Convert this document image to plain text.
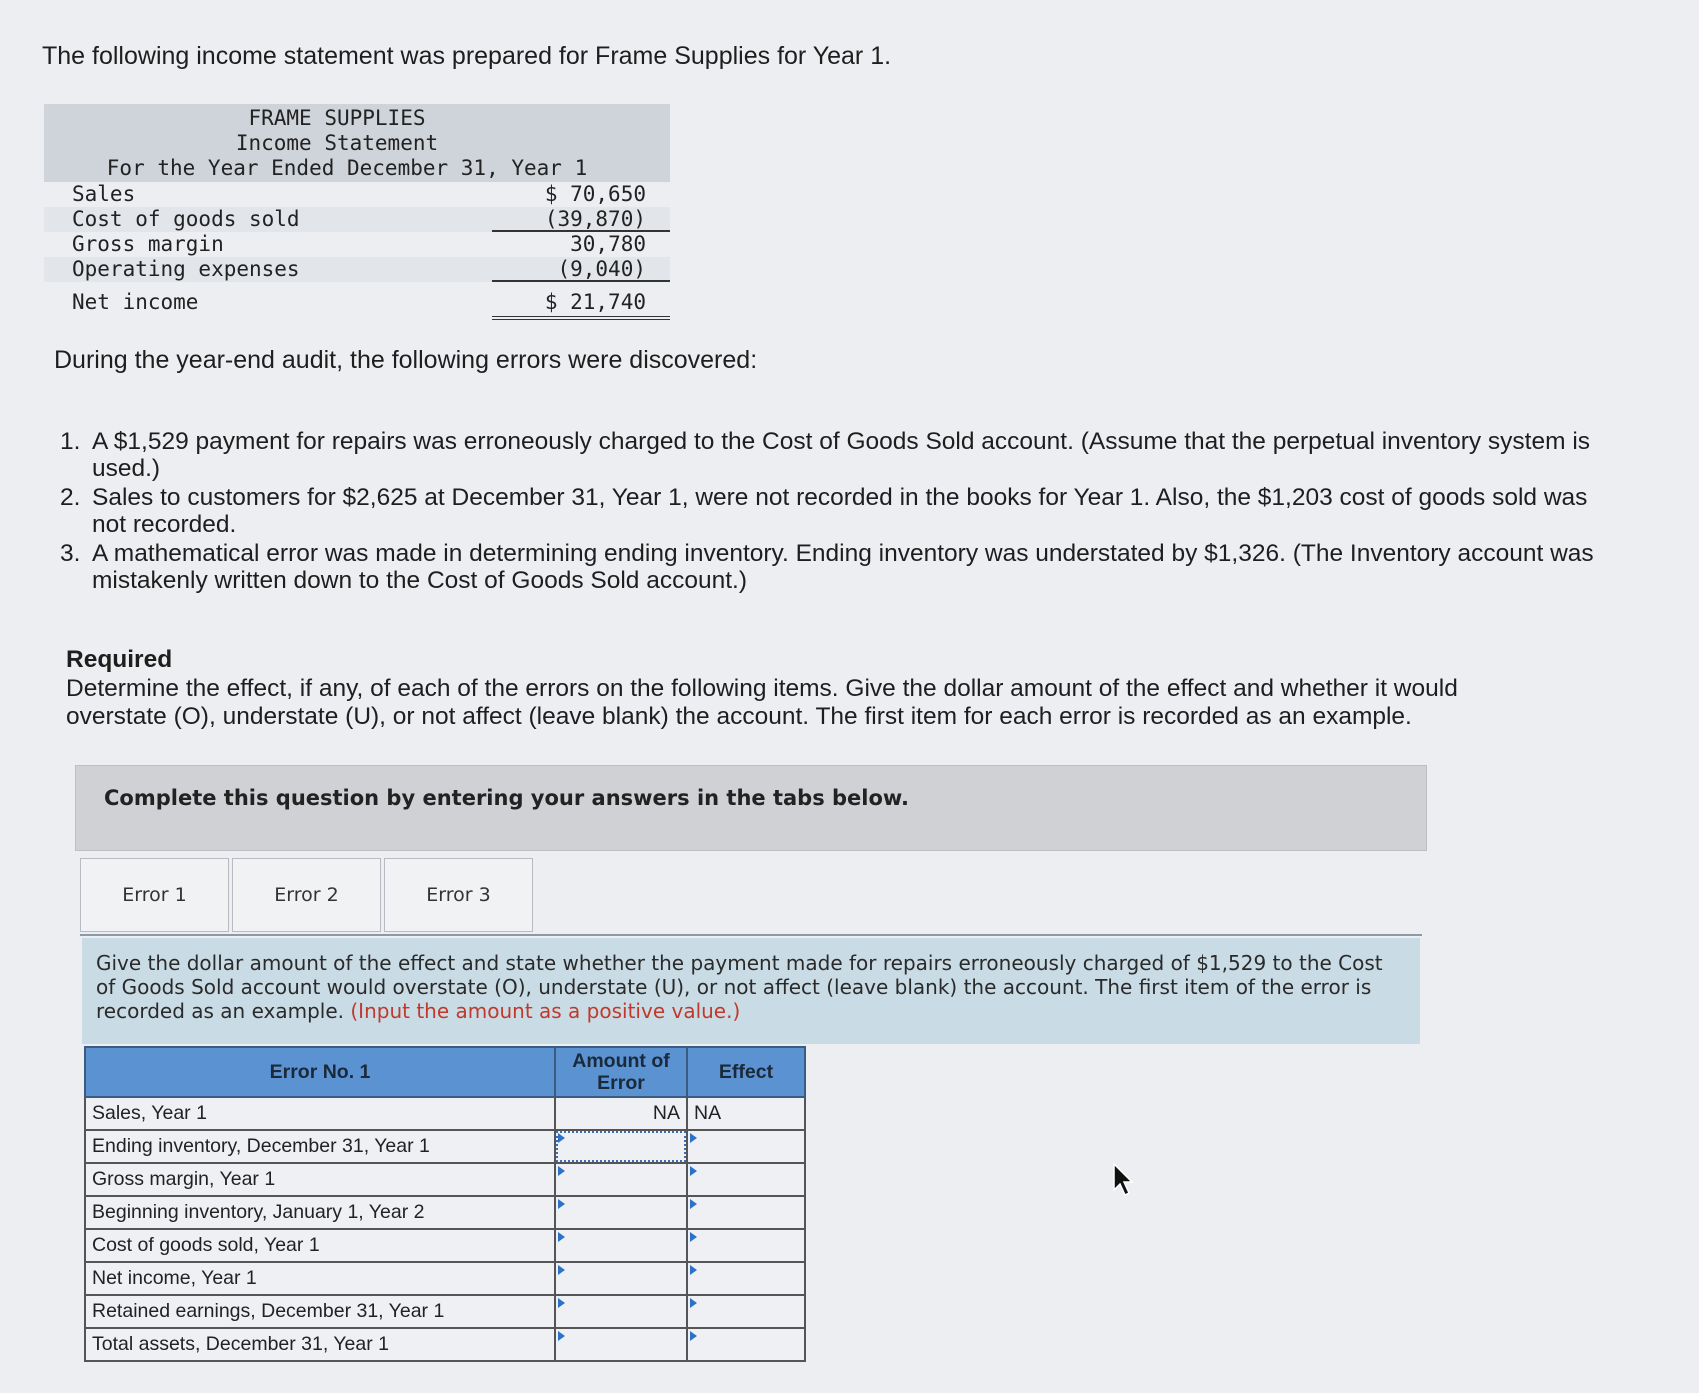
The following income statement was prepared for Frame Supplies for Year 1.

FRAME SUPPLIES
Income Statement
For the Year Ended December 31, Year 1
Sales	$ 70,650
Cost of goods sold	(39,870)
Gross margin	30,780
Operating expenses	(9,040)
Net income	$ 21,740

During the year-end audit, the following errors were discovered:

1. A $1,529 payment for repairs was erroneously charged to the Cost of Goods Sold account. (Assume that the perpetual inventory system is used.)
2. Sales to customers for $2,625 at December 31, Year 1, were not recorded in the books for Year 1. Also, the $1,203 cost of goods sold was not recorded.
3. A mathematical error was made in determining ending inventory. Ending inventory was understated by $1,326. (The Inventory account was mistakenly written down to the Cost of Goods Sold account.)
Required
Determine the effect, if any, of each of the errors on the following items. Give the dollar amount of the effect and whether it would overstate (O), understate (U), or not affect (leave blank) the account. The first item for each error is recorded as an example.
Complete this question by entering your answers in the tabs below.
Error 1	Error 2	Error 3
Give the dollar amount of the effect and state whether the payment made for repairs erroneously charged of $1,529 to the Cost of Goods Sold account would overstate (O), understate (U), or not affect (leave blank) the account. The first item of the error is recorded as an example. (Input the amount as a positive value.)
Error No. 1	Amount of Error	Effect
Sales, Year 1	NA	NA
Ending inventory, December 31, Year 1		
Gross margin, Year 1		
Beginning inventory, January 1, Year 2		
Cost of goods sold, Year 1		
Net income, Year 1		
Retained earnings, December 31, Year 1		
Total assets, December 31, Year 1		
